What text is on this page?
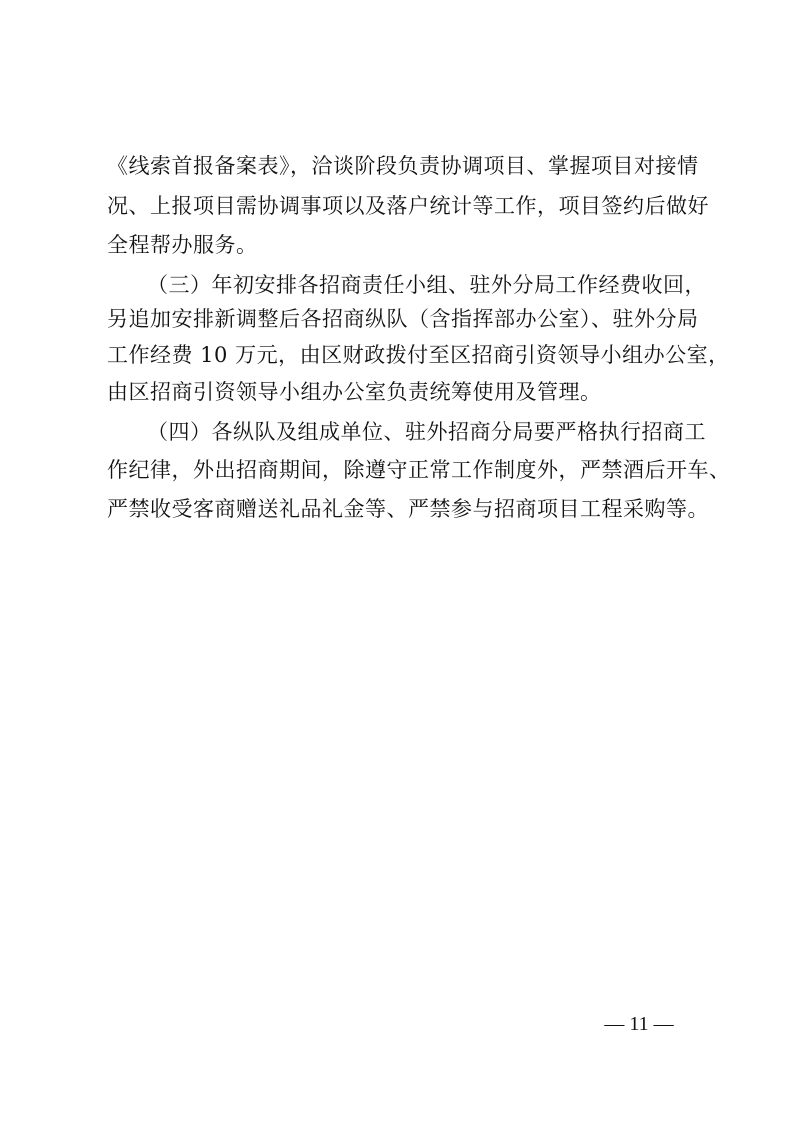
《线索首报备案表》，洽谈阶段负责协调项目、掌握项目对接情
况、上报项目需协调事项以及落户统计等工作，项目签约后做好
全程帮办服务。
（三）年初安排各招商责任小组、驻外分局工作经费收回，
另追加安排新调整后各招商纵队（含指挥部办公室）、驻外分局
工作经费 10 万元，由区财政拨付至区招商引资领导小组办公室，
由区招商引资领导小组办公室负责统筹使用及管理。
（四）各纵队及组成单位、驻外招商分局要严格执行招商工
作纪律，外出招商期间，除遵守正常工作制度外，严禁酒后开车、
严禁收受客商赠送礼品礼金等、严禁参与招商项目工程采购等。
— 11 —
